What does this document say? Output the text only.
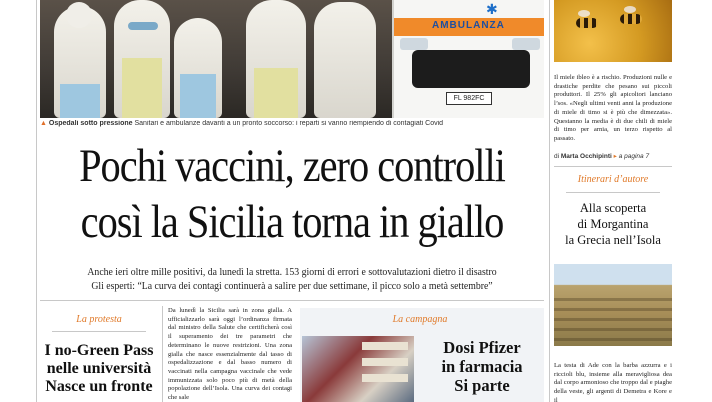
✱
AMBULANZA
FL 982FC
▲ Ospedali sotto pressione Sanitari e ambulanze davanti a un pronto soccorso: i reparti si vanno riempiendo di contagiati Covid
Pochi vaccini, zero controlli
così la Sicilia torna in giallo
Anche ieri oltre mille positivi, da lunedì la stretta. 153 giorni di errori e sottovalutazioni dietro il disastro
Gli esperti: “La curva dei contagi continuerà a salire per due settimane, il picco solo a metà settembre”
La protesta
I no-Green Pass
nelle università
Nasce un fronte
Da lunedì la Sicilia sarà in zona gialla. A ufficializzarlo sarà oggi l’ordinanza firmata dal ministro della Salute che certificherà così il superamento dei tre parametri che determinano le nuove restrizioni. Una zona gialla che nasce essenzialmente dal tasso di ospedalizzazione e dal basso numero di vaccinati nella campagna vaccinale che vede immunizzata solo poco più di metà della popolazione dell’Isola. Una curva dei contagi che sale
La campagna
Dosi Pfizer
in farmacia
Si parte
Il miele ibleo è a rischio. Produzioni nulle e drastiche perdite che pesano sui piccoli produttori. Il 25% gli apicoltori lanciano l’sos. «Negli ultimi venti anni la produzione di miele di timo si è più che dimezzata». Questanno la media è di due chili di miele di timo per arnia, un terzo rispetto al passato.
di Marta Occhipinti ▸ a pagina 7
Itinerari d’autore
Alla scoperta
di Morgantina
la Grecia nell’Isola
La testa di Ade con la barba azzurra e i riccioli blu, insieme alla meravigliosa dea dal corpo armonioso che troppo dal e piaghe della veste, gli argenti di Demetra e Kore e il
